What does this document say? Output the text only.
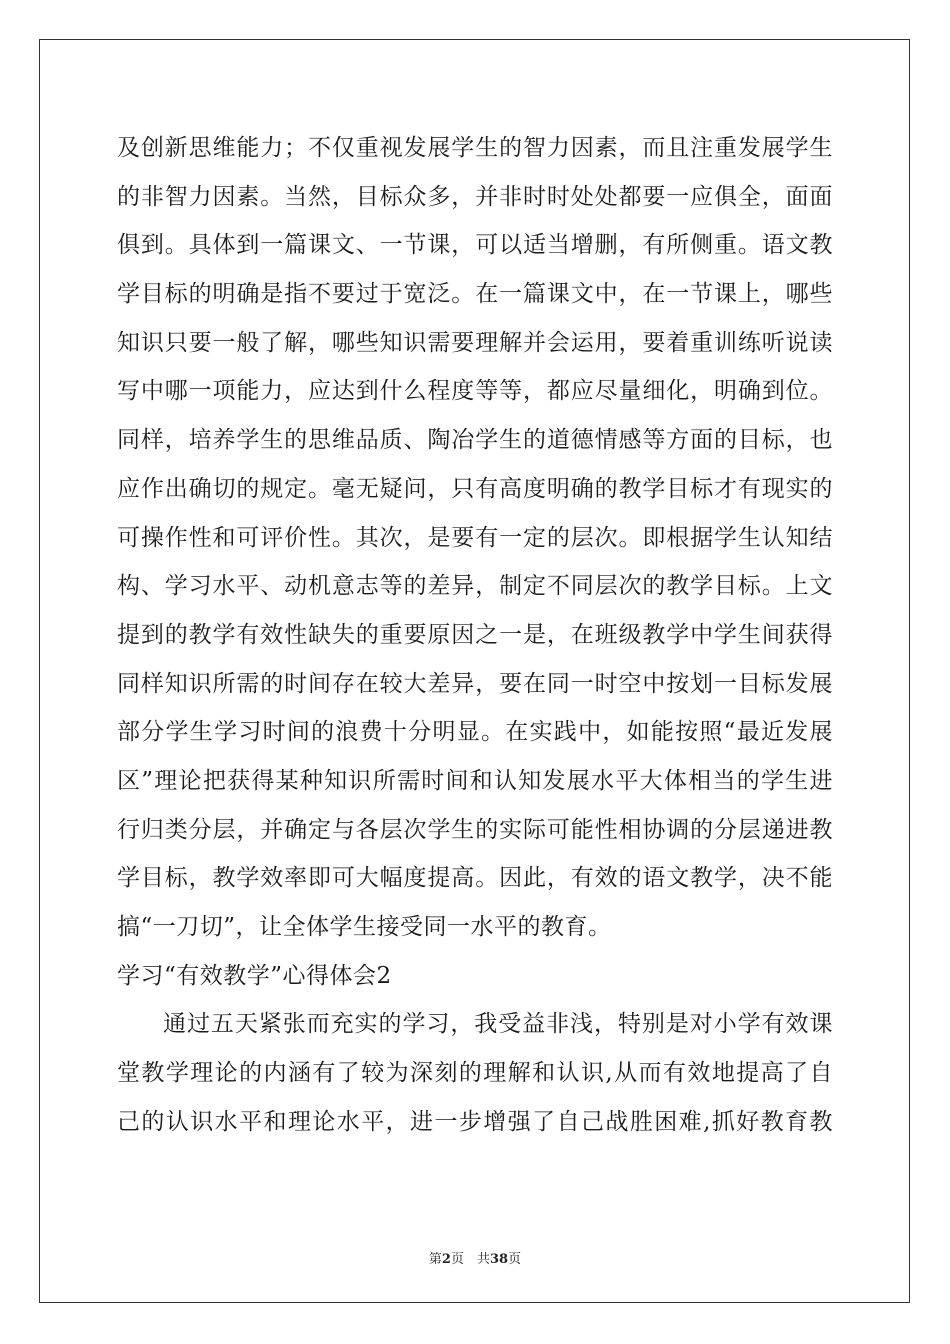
及创新思维能力；不仅重视发展学生的智力因素，而且注重发展学生
的非智力因素。当然，目标众多，并非时时处处都要一应俱全，面面
俱到。具体到一篇课文、一节课，可以适当增删，有所侧重。语文教
学目标的明确是指不要过于宽泛。在一篇课文中，在一节课上，哪些
知识只要一般了解，哪些知识需要理解并会运用，要着重训练听说读
写中哪一项能力，应达到什么程度等等，都应尽量细化，明确到位。
同样，培养学生的思维品质、陶冶学生的道德情感等方面的目标，也
应作出确切的规定。毫无疑问，只有高度明确的教学目标才有现实的
可操作性和可评价性。其次，是要有一定的层次。即根据学生认知结
构、学习水平、动机意志等的差异，制定不同层次的教学目标。上文
提到的教学有效性缺失的重要原因之一是，在班级教学中学生间获得
同样知识所需的时间存在较大差异，要在同一时空中按划一目标发展
部分学生学习时间的浪费十分明显。在实践中，如能按照“最近发展
区”理论把获得某种知识所需时间和认知发展水平大体相当的学生进
行归类分层，并确定与各层次学生的实际可能性相协调的分层递进教
学目标，教学效率即可大幅度提高。因此，有效的语文教学，决不能
搞“一刀切”，让全体学生接受同一水平的教育。
学习“有效教学”心得体会2
通过五天紧张而充实的学习，我受益非浅，特别是对小学有效课
堂教学理论的内涵有了较为深刻的理解和认识,从而有效地提高了自
己的认识水平和理论水平，进一步增强了自己战胜困难,抓好教育教
第2页　共38页
